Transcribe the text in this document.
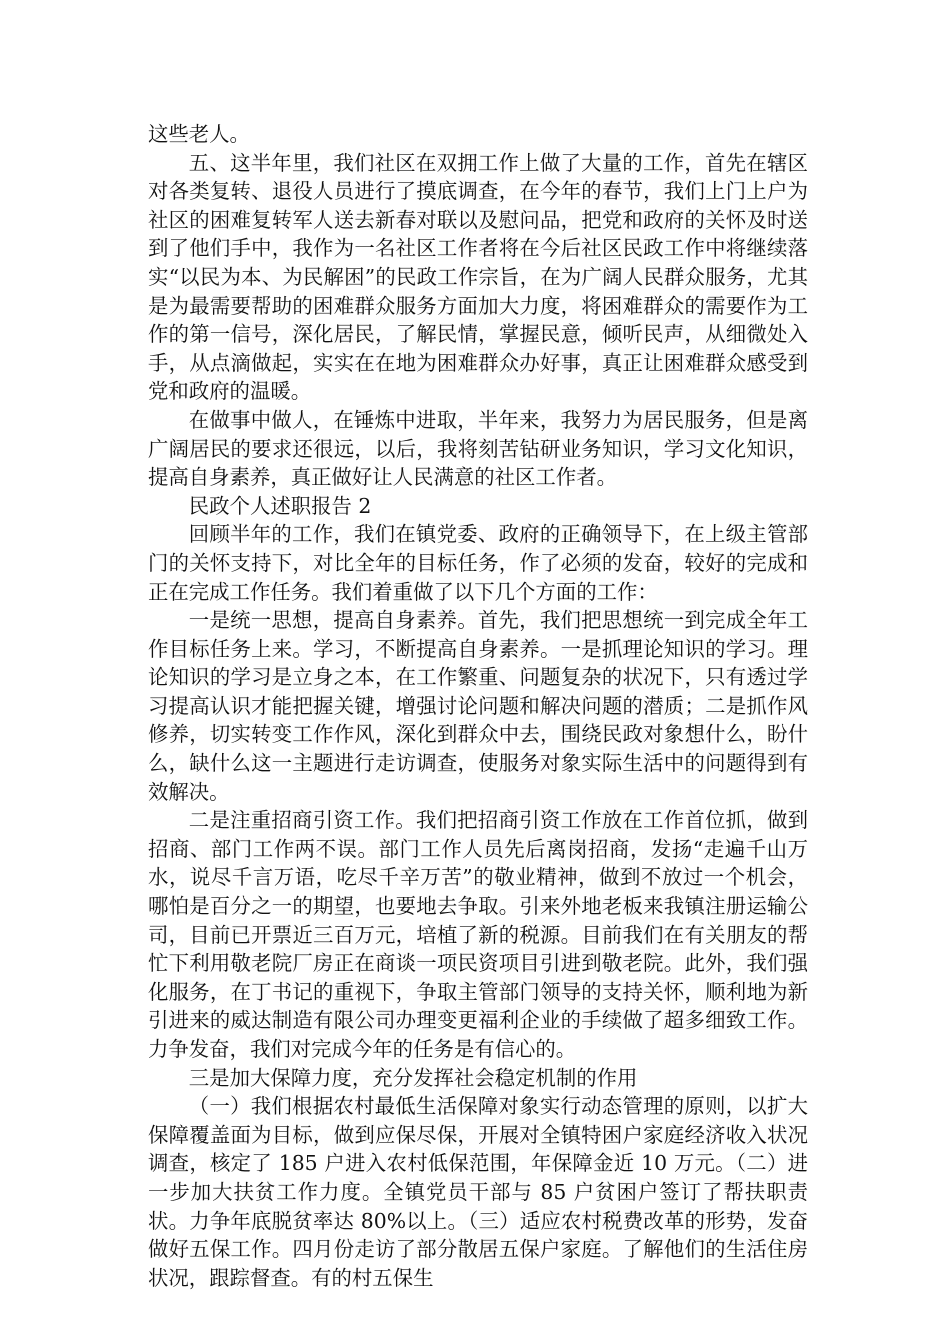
这些老人。

五、这半年里，我们社区在双拥工作上做了大量的工作，首先在辖区对各类复转、退役人员进行了摸底调查，在今年的春节，我们上门上户为社区的困难复转军人送去新春对联以及慰问品，把党和政府的关怀及时送到了他们手中，我作为一名社区工作者将在今后社区民政工作中将继续落实“以民为本、为民解困”的民政工作宗旨，在为广阔人民群众服务，尤其是为最需要帮助的困难群众服务方面加大力度，将困难群众的需要作为工作的第一信号，深化居民，了解民情，掌握民意，倾听民声，从细微处入手，从点滴做起，实实在在地为困难群众办好事，真正让困难群众感受到党和政府的温暖。

在做事中做人，在锤炼中进取，半年来，我努力为居民服务，但是离广阔居民的要求还很远，以后，我将刻苦钻研业务知识，学习文化知识，提高自身素养，真正做好让人民满意的社区工作者。

民政个人述职报告 2

回顾半年的工作，我们在镇党委、政府的正确领导下，在上级主管部门的关怀支持下，对比全年的目标任务，作了必须的发奋，较好的完成和正在完成工作任务。我们着重做了以下几个方面的工作：

一是统一思想，提高自身素养。首先，我们把思想统一到完成全年工作目标任务上来。学习，不断提高自身素养。一是抓理论知识的学习。理论知识的学习是立身之本，在工作繁重、问题复杂的状况下，只有透过学习提高认识才能把握关键，增强讨论问题和解决问题的潜质；二是抓作风修养，切实转变工作作风，深化到群众中去，围绕民政对象想什么，盼什么，缺什么这一主题进行走访调查，使服务对象实际生活中的问题得到有效解决。

二是注重招商引资工作。我们把招商引资工作放在工作首位抓，做到招商、部门工作两不误。部门工作人员先后离岗招商，发扬“走遍千山万水，说尽千言万语，吃尽千辛万苦”的敬业精神，做到不放过一个机会，哪怕是百分之一的期望，也要地去争取。引来外地老板来我镇注册运输公司，目前已开票近三百万元，培植了新的税源。目前我们在有关朋友的帮忙下利用敬老院厂房正在商谈一项民资项目引进到敬老院。此外，我们强化服务，在丁书记的重视下，争取主管部门领导的支持关怀，顺利地为新引进来的威达制造有限公司办理变更福利企业的手续做了超多细致工作。力争发奋，我们对完成今年的任务是有信心的。

三是加大保障力度，充分发挥社会稳定机制的作用

（一）我们根据农村最低生活保障对象实行动态管理的原则，以扩大保障覆盖面为目标，做到应保尽保，开展对全镇特困户家庭经济收入状况调查，核定了 185 户进入农村低保范围，年保障金近 10 万元。（二）进一步加大扶贫工作力度。全镇党员干部与 85 户贫困户签订了帮扶职责状。力争年底脱贫率达 80%以上。（三）适应农村税费改革的形势，发奋做好五保工作。四月份走访了部分散居五保户家庭。了解他们的生活住房状况，跟踪督查。有的村五保生
